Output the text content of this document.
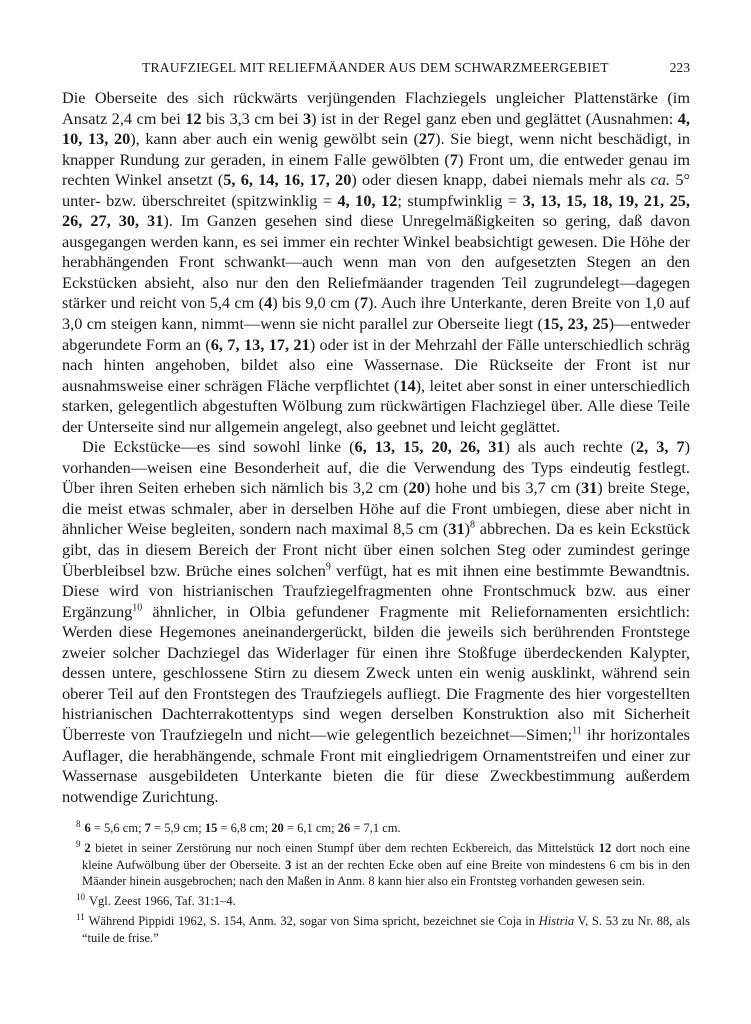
TRAUFZIEGEL MIT RELIEFMÄANDER AUS DEM SCHWARZMEERGEBIET	223

Die Oberseite des sich rückwärts verjüngenden Flachziegels ungleicher Plattenstärke (im Ansatz 2,4 cm bei 12 bis 3,3 cm bei 3) ist in der Regel ganz eben und geglättet (Ausnahmen: 4, 10, 13, 20), kann aber auch ein wenig gewölbt sein (27). Sie biegt, wenn nicht beschädigt, in knapper Rundung zur geraden, in einem Falle gewölbten (7) Front um, die entweder genau im rechten Winkel ansetzt (5, 6, 14, 16, 17, 20) oder diesen knapp, dabei niemals mehr als ca. 5° unter- bzw. überschreitet (spitzwinklig = 4, 10, 12; stumpfwinklig = 3, 13, 15, 18, 19, 21, 25, 26, 27, 30, 31). Im Ganzen gesehen sind diese Unregelmäßigkeiten so gering, daß davon ausgegangen werden kann, es sei immer ein rechter Winkel beabsichtigt gewesen. Die Höhe der herabhängenden Front schwankt—auch wenn man von den aufgesetzten Stegen an den Eckstücken absieht, also nur den den Reliefmäander tragenden Teil zugrundelegt—dagegen stärker und reicht von 5,4 cm (4) bis 9,0 cm (7). Auch ihre Unterkante, deren Breite von 1,0 auf 3,0 cm steigen kann, nimmt—wenn sie nicht parallel zur Oberseite liegt (15, 23, 25)—entweder abgerundete Form an (6, 7, 13, 17, 21) oder ist in der Mehrzahl der Fälle unterschiedlich schräg nach hinten angehoben, bildet also eine Wassernase. Die Rückseite der Front ist nur ausnahmsweise einer schrägen Fläche verpflichtet (14), leitet aber sonst in einer unterschiedlich starken, gelegentlich abgestuften Wölbung zum rückwärtigen Flachziegel über. Alle diese Teile der Unterseite sind nur allgemein angelegt, also geebnet und leicht geglättet.

Die Eckstücke—es sind sowohl linke (6, 13, 15, 20, 26, 31) als auch rechte (2, 3, 7) vorhanden—weisen eine Besonderheit auf, die die Verwendung des Typs eindeutig festlegt. Über ihren Seiten erheben sich nämlich bis 3,2 cm (20) hohe und bis 3,7 cm (31) breite Stege, die meist etwas schmaler, aber in derselben Höhe auf die Front umbiegen, diese aber nicht in ähnlicher Weise begleiten, sondern nach maximal 8,5 cm $(31)^8$ abbrechen. Da es kein Eckstück gibt, das in diesem Bereich der Front nicht über einen solchen Steg oder zumindest geringe Überbleibsel bzw. Brüche eines solchen$^9$ verfügt, hat es mit ihnen eine bestimmte Bewandtnis. Diese wird von histrianischen Traufziegelfragmenten ohne Frontschmuck bzw. aus einer Ergänzung$^{10}$ ähnlicher, in Olbia gefundener Fragmente mit Reliefornamenten ersichtlich: Werden diese Hegemones aneinandergerückt, bilden die jeweils sich berührenden Frontstege zweier solcher Dachziegel das Widerlager für einen ihre Stoßfuge überdeckenden Kalypter, dessen untere, geschlossene Stirn zu diesem Zweck unten ein wenig ausklinkt, während sein oberer Teil auf den Frontstegen des Traufziegels aufliegt. Die Fragmente des hier vorgestellten histrianischen Dachterrakottentyps sind wegen derselben Konstruktion also mit Sicherheit Überreste von Traufziegeln und nicht—wie gelegentlich bezeichnet—Simen;$^{11}$ ihr horizontales Auflager, die herabhängende, schmale Front mit eingliedrigem Ornamentstreifen und einer zur Wassernase ausgebildeten Unterkante bieten die für diese Zweckbestimmung außerdem notwendige Zurichtung.

$^8$ 6 = 5,6 cm; 7 = 5,9 cm; 15 = 6,8 cm; 20 = 6,1 cm; 26 = 7,1 cm.

$^9$ 2 bietet in seiner Zerstörung nur noch einen Stumpf über dem rechten Eckbereich, das Mittelstück 12 dort noch eine kleine Aufwölbung über der Oberseite. 3 ist an der rechten Ecke oben auf eine Breite von mindestens 6 cm bis in den Mäander hinein ausgebrochen; nach den Maßen in Anm. 8 kann hier also ein Frontsteg vorhanden gewesen sein.

$^{10}$ Vgl. Zeest 1966, Taf. 31:1–4.

$^{11}$ Während Pippidi 1962, S. 154, Anm. 32, sogar von Sima spricht, bezeichnet sie Coja in Histria V, S. 53 zu Nr. 88, als “tuile de frise.”
